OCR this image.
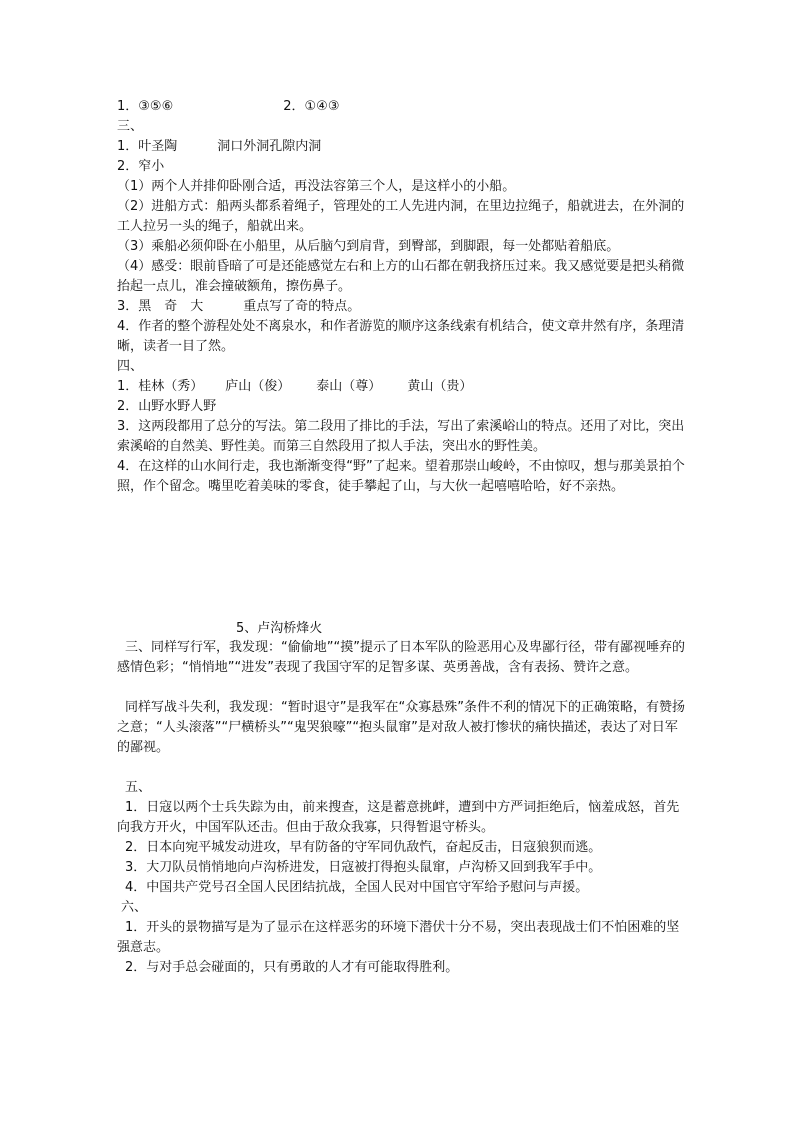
1．③⑤⑥	2．①④③
三、
1．叶圣陶	洞口外洞孔隙内洞
2．窄小
（1）两个人并排仰卧刚合适，再没法容第三个人，是这样小的小船。
（2）进船方式：船两头都系着绳子，管理处的工人先进内洞，在里边拉绳子，船就进去，在外洞的工人拉另一头的绳子，船就出来。
（3）乘船必须仰卧在小船里，从后脑勺到肩背，到臀部，到脚跟，每一处都贴着船底。
（4）感受：眼前昏暗了可是还能感觉左右和上方的山石都在朝我挤压过来。我又感觉要是把头稍微抬起一点儿，准会撞破额角，擦伤鼻子。
3．黑　奇　大	重点写了奇的特点。
4．作者的整个游程处处不离泉水，和作者游览的顺序这条线索有机结合，使文章井然有序，条理清晰，读者一目了然。
四、
1．桂林（秀） 庐山（俊） 泰山（尊） 黄山（贵）
2．山野水野人野
3．这两段都用了总分的写法。第二段用了排比的手法，写出了索溪峪山的特点。还用了对比，突出索溪峪的自然美、野性美。而第三自然段用了拟人手法，突出水的野性美。
4．在这样的山水间行走，我也渐渐变得“野”了起来。望着那崇山峻岭，不由惊叹，想与那美景拍个照，作个留念。嘴里吃着美味的零食，徒手攀起了山，与大伙一起嘻嘻哈哈，好不亲热。
5、卢沟桥烽火
三、同样写行军，我发现：“偷偷地”“摸”提示了日本军队的险恶用心及卑鄙行径，带有鄙视唾弃的感情色彩；“悄悄地”“进发”表现了我国守军的足智多谋、英勇善战，含有表扬、赞许之意。
同样写战斗失利，我发现：“暂时退守”是我军在“众寡悬殊”条件不利的情况下的正确策略，有赞扬之意；“人头滚落”“尸横桥头”“鬼哭狼嚎”“抱头鼠窜”是对敌人被打惨状的痛快描述，表达了对日军的鄙视。
五、
1．日寇以两个士兵失踪为由，前来搜查，这是蓄意挑衅，遭到中方严词拒绝后，恼羞成怒，首先向我方开火，中国军队还击。但由于敌众我寡，只得暂退守桥头。
2．日本向宛平城发动进攻，早有防备的守军同仇敌忾，奋起反击，日寇狼狈而逃。
3．大刀队员悄悄地向卢沟桥进发，日寇被打得抱头鼠窜，卢沟桥又回到我军手中。
4．中国共产党号召全国人民团结抗战，全国人民对中国官守军给予慰问与声援。
六、
1．开头的景物描写是为了显示在这样恶劣的环境下潜伏十分不易，突出表现战士们不怕困难的坚强意志。
2．与对手总会碰面的，只有勇敢的人才有可能取得胜利。
